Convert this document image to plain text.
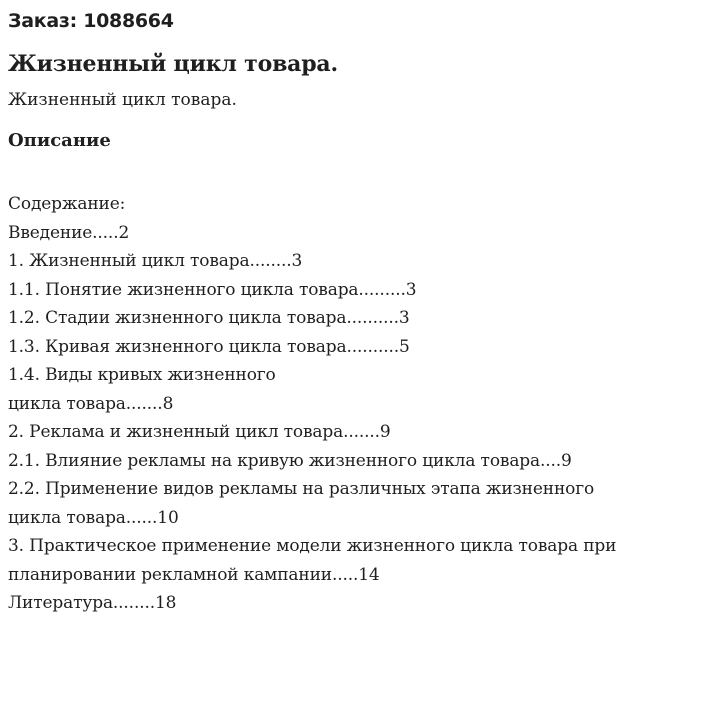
Заказ: 1088664
Жизненный цикл товара.
Жизненный цикл товара.
Описание
Содержание:
Введение.....2
1. Жизненный цикл товара........3
1.1. Понятие жизненного цикла товара.........3
1.2. Стадии жизненного цикла товара..........3
1.3. Кривая жизненного цикла товара..........5
1.4. Виды кривых жизненного
цикла товара.......8
2. Реклама и жизненный цикл товара.......9
2.1. Влияние рекламы на кривую жизненного цикла товара....9
2.2. Применение видов рекламы на различных этапа жизненного
цикла товара......10
3. Практическое применение модели жизненного цикла товара при
планировании рекламной кампании.....14
Литература........18
